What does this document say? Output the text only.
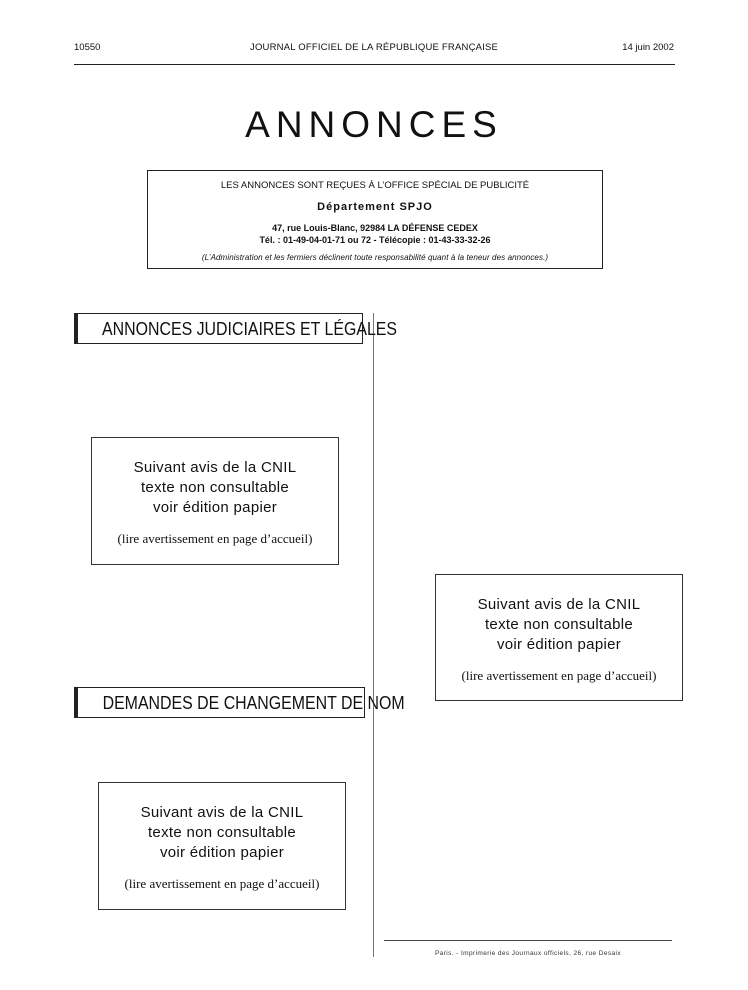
10550	JOURNAL OFFICIEL DE LA RÉPUBLIQUE FRANÇAISE	14 juin 2002
ANNONCES
LES ANNONCES SONT REÇUES À L’OFFICE SPÉCIAL DE PUBLICITÉ
Département SPJO
47, rue Louis-Blanc, 92984 LA DÉFENSE CEDEX
Tél. : 01-49-04-01-71 ou 72 - Télécopie : 01-43-33-32-26
(L’Administration et les fermiers déclinent toute responsabilité quant à la teneur des annonces.)
ANNONCES JUDICIAIRES ET LÉGALES
Suivant avis de la CNIL
texte non consultable
voir édition papier
(lire avertissement en page d’accueil)
Suivant avis de la CNIL
texte non consultable
voir édition papier
(lire avertissement en page d’accueil)
DEMANDES DE CHANGEMENT DE NOM
Suivant avis de la CNIL
texte non consultable
voir édition papier
(lire avertissement en page d’accueil)
Paris. - Imprimerie des Journaux officiels, 26, rue Desaix
